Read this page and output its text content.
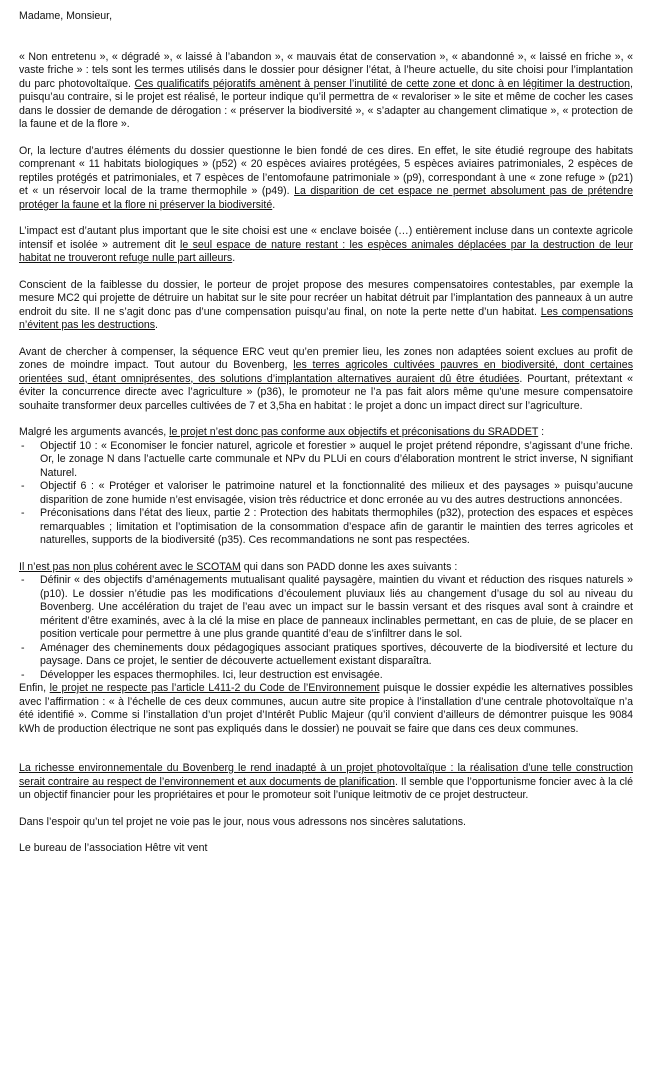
Madame, Monsieur,

« Non entretenu », « dégradé », « laissé à l’abandon », « mauvais état de conservation », « abandonné », « laissé en friche », « vaste friche » : tels sont les termes utilisés dans le dossier pour désigner l’état, à l’heure actuelle, du site choisi pour l’implantation du parc photovoltaïque. Ces qualificatifs péjoratifs amènent à penser l’inutilité de cette zone et donc à en légitimer la destruction, puisqu’au contraire, si le projet est réalisé, le porteur indique qu’il permettra de « revaloriser » le site et même de cocher les cases dans le dossier de demande de dérogation : « préserver la biodiversité », « s’adapter au changement climatique », « protection de la faune et de la flore ».

Or, la lecture d’autres éléments du dossier questionne le bien fondé de ces dires. En effet, le site étudié regroupe des habitats comprenant « 11 habitats biologiques » (p52) « 20 espèces aviaires protégées, 5 espèces aviaires patrimoniales, 2 espèces de reptiles protégés et patrimoniales, et 7 espèces de l’entomofaune patrimoniale » (p9), correspondant à une « zone refuge » (p21) et « un réservoir local de la trame thermophile » (p49). La disparition de cet espace ne permet absolument pas de prétendre protéger la faune et la flore ni préserver la biodiversité.

L’impact est d’autant plus important que le site choisi est une « enclave boisée (…) entièrement incluse dans un contexte agricole intensif et isolée » autrement dit le seul espace de nature restant : les espèces animales déplacées par la destruction de leur habitat ne trouveront refuge nulle part ailleurs.

Conscient de la faiblesse du dossier, le porteur de projet propose des mesures compensatoires contestables, par exemple la mesure MC2 qui projette de détruire un habitat sur le site pour recréer un habitat détruit par l’implantation des panneaux à un autre endroit du site. Il ne s’agit donc pas d’une compensation puisqu’au final, on note la perte nette d’un habitat. Les compensations n’évitent pas les destructions.

Avant de chercher à compenser, la séquence ERC veut qu’en premier lieu, les zones non adaptées soient exclues au profit de zones de moindre impact. Tout autour du Bovenberg, les terres agricoles cultivées pauvres en biodiversité, dont certaines orientées sud, étant omniprésentes, des solutions d’implantation alternatives auraient dû être étudiées. Pourtant, prétextant « éviter la concurrence directe avec l’agriculture » (p36), le promoteur ne l’a pas fait alors même qu’une mesure compensatoire souhaite transformer deux parcelles cultivées de 7 et 3,5ha en habitat : le projet a donc un impact direct sur l’agriculture.

Malgré les arguments avancés, le projet n’est donc pas conforme aux objectifs et préconisations du SRADDET :

- Objectif 10 : « Economiser le foncier naturel, agricole et forestier » auquel le projet prétend répondre, s’agissant d’une friche. Or, le zonage N dans l’actuelle carte communale et NPv du PLUi en cours d’élaboration montrent le strict inverse, N signifiant Naturel.
- Objectif 6 : « Protéger et valoriser le patrimoine naturel et la fonctionnalité des milieux et des paysages » puisqu’aucune disparition de zone humide n’est envisagée, vision très réductrice et donc erronée au vu des autres destructions annoncées.
- Préconisations dans l’état des lieux, partie 2 : Protection des habitats thermophiles (p32), protection des espaces et espèces remarquables ; limitation et l’optimisation de la consommation d’espace afin de garantir le maintien des terres agricoles et naturelles, supports de la biodiversité (p35). Ces recommandations ne sont pas respectées.

Il n’est pas non plus cohérent avec le SCOTAM qui dans son PADD donne les axes suivants :

- Définir « des objectifs d’aménagements mutualisant qualité paysagère, maintien du vivant et réduction des risques naturels » (p10). Le dossier n’étudie pas les modifications d’écoulement pluviaux liés au changement d’usage du sol au niveau du Bovenberg. Une accélération du trajet de l’eau avec un impact sur le bassin versant et des risques aval sont à craindre et méritent d’être examinés, avec à la clé la mise en place de panneaux inclinables permettant, en cas de pluie, de se placer en position verticale pour permettre à une plus grande quantité d’eau de s’infiltrer dans le sol.
- Aménager des cheminements doux pédagogiques associant pratiques sportives, découverte de la biodiversité et lecture du paysage. Dans ce projet, le sentier de découverte actuellement existant disparaîtra.
- Développer les espaces thermophiles. Ici, leur destruction est envisagée.

Enfin, le projet ne respecte pas l’article L411-2 du Code de l’Environnement puisque le dossier expédie les alternatives possibles avec l’affirmation : « à l’échelle de ces deux communes, aucun autre site propice à l’installation d’une centrale photovoltaïque n’a été identifié ». Comme si l’installation d’un projet d’Intérêt Public Majeur (qu’il convient d’ailleurs de démontrer puisque les 9084 kWh de production électrique ne sont pas expliqués dans le dossier) ne pouvait se faire que dans ces deux communes.

La richesse environnementale du Bovenberg le rend inadapté à un projet photovoltaïque : la réalisation d’une telle construction serait contraire au respect de l’environnement et aux documents de planification. Il semble que l’opportunisme foncier avec à la clé un objectif financier pour les propriétaires et pour le promoteur soit l’unique leitmotiv de ce projet destructeur.

Dans l’espoir qu’un tel projet ne voie pas le jour, nous vous adressons nos sincères salutations.

Le bureau de l’association Hêtre vit vent
